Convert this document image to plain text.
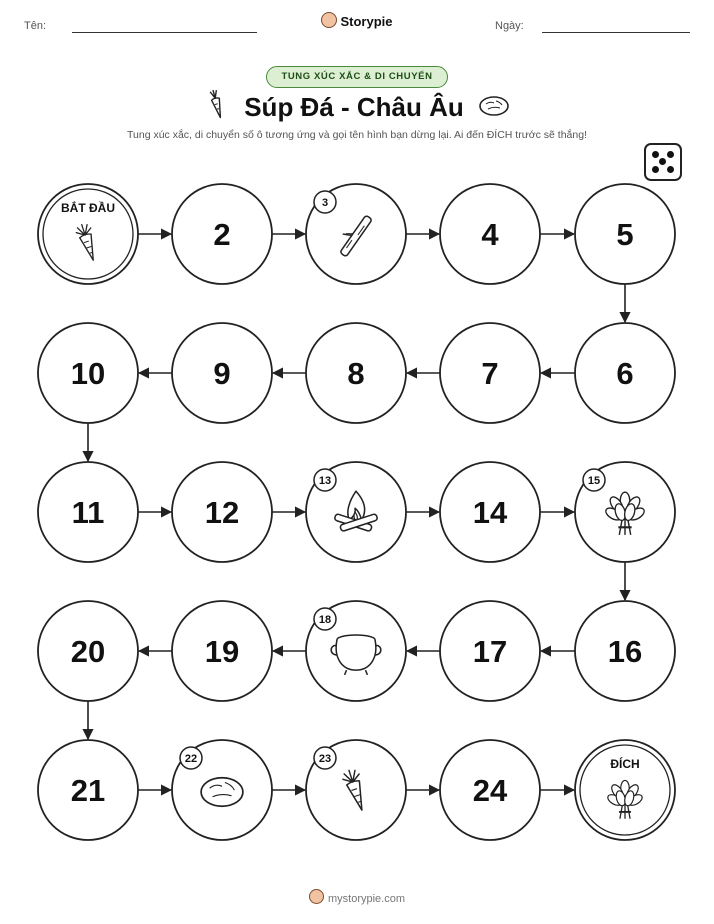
Tên:	Storypie	Ngày:
TUNG XÚC XẮC & DI CHUYỂN
Súp Đá - Châu Âu
Tung xúc xắc, di chuyển số ô tương ứng và gọi tên hình bạn dừng lại. Ai đến ĐÍCH trước sẽ thắng!
BẮT ĐẦU
2
3
4	5
6
7
8
9
10
11	12
13
14
15
16
17
18
19
20
21
22	23
24
ĐÍCH
mystorypie.com
